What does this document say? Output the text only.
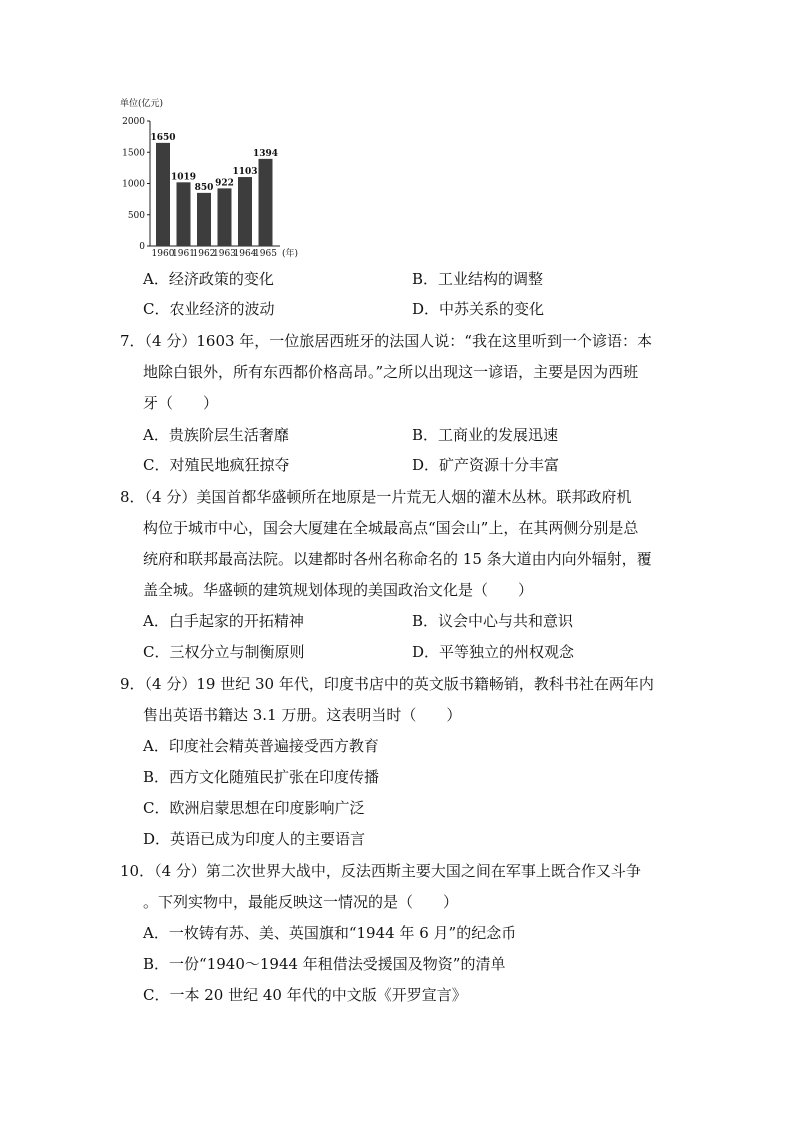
单位(亿元)
0
500
1000
1500
2000
1650
1019
850 922
1103
1394
1960
1961
1962
1963
1964
1965 (年)
A．经济政策的变化	B．工业结构的调整
C．农业经济的波动	D．中苏关系的变化
7．（4 分）1603 年，一位旅居西班牙的法国人说：“我在这里听到一个谚语：本
地除白银外，所有东西都价格高昂。”之所以出现这一谚语，主要是因为西班
牙（　　）
A．贵族阶层生活奢靡	B．工商业的发展迅速
C．对殖民地疯狂掠夺	D．矿产资源十分丰富
8．（4 分）美国首都华盛顿所在地原是一片荒无人烟的灌木丛林。联邦政府机
构位于城市中心，国会大厦建在全城最高点“国会山”上，在其两侧分别是总
统府和联邦最高法院。以建都时各州名称命名的 15 条大道由内向外辐射，覆
盖全城。华盛顿的建筑规划体现的美国政治文化是（　　）
A．白手起家的开拓精神	B．议会中心与共和意识
C．三权分立与制衡原则	D．平等独立的州权观念
9．（4 分）19 世纪 30 年代，印度书店中的英文版书籍畅销，教科书社在两年内
售出英语书籍达 3.1 万册。这表明当时（　　）
A．印度社会精英普遍接受西方教育
B．西方文化随殖民扩张在印度传播
C．欧洲启蒙思想在印度影响广泛
D．英语已成为印度人的主要语言
10．（4 分）第二次世界大战中，反法西斯主要大国之间在军事上既合作又斗争
。下列实物中，最能反映这一情况的是（　　）
A．一枚铸有苏、美、英国旗和“1944 年 6 月”的纪念币
B．一份“1940～1944 年租借法受援国及物资”的清单
C．一本 20 世纪 40 年代的中文版《开罗宣言》
